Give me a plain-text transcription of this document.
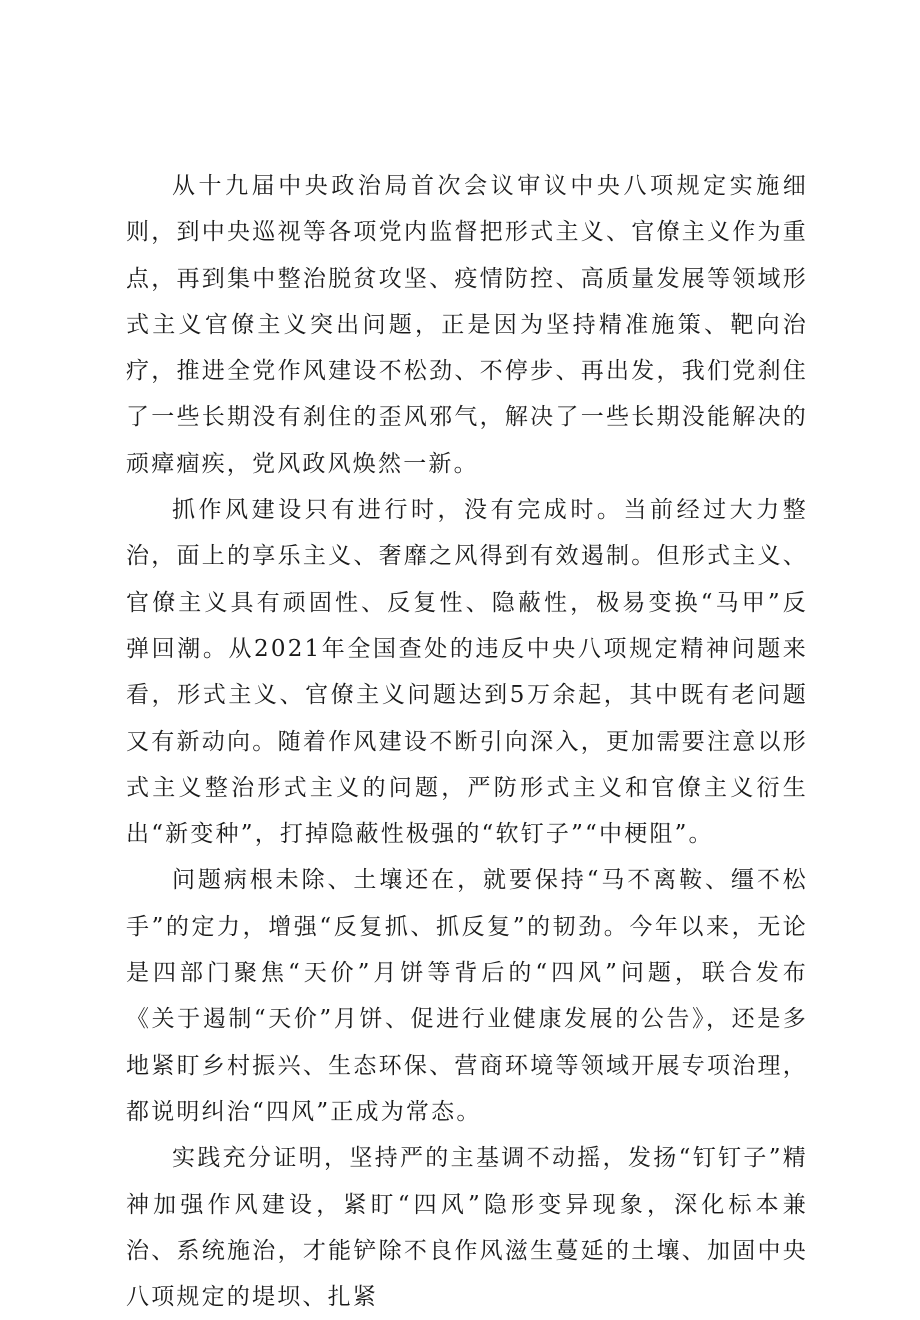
从十九届中央政治局首次会议审议中央八项规定实施细则，到中央巡视等各项党内监督把形式主义、官僚主义作为重点，再到集中整治脱贫攻坚、疫情防控、高质量发展等领域形式主义官僚主义突出问题，正是因为坚持精准施策、靶向治疗，推进全党作风建设不松劲、不停步、再出发，我们党刹住了一些长期没有刹住的歪风邪气，解决了一些长期没能解决的顽瘴痼疾，党风政风焕然一新。

抓作风建设只有进行时，没有完成时。当前经过大力整治，面上的享乐主义、奢靡之风得到有效遏制。但形式主义、官僚主义具有顽固性、反复性、隐蔽性，极易变换“马甲”反弹回潮。从2021年全国查处的违反中央八项规定精神问题来看，形式主义、官僚主义问题达到5万余起，其中既有老问题又有新动向。随着作风建设不断引向深入，更加需要注意以形式主义整治形式主义的问题，严防形式主义和官僚主义衍生出“新变种”，打掉隐蔽性极强的“软钉子”“中梗阻”。

问题病根未除、土壤还在，就要保持“马不离鞍、缰不松手”的定力，增强“反复抓、抓反复”的韧劲。今年以来，无论是四部门聚焦“天价”月饼等背后的“四风”问题，联合发布《关于遏制“天价”月饼、促进行业健康发展的公告》，还是多地紧盯乡村振兴、生态环保、营商环境等领域开展专项治理，都说明纠治“四风”正成为常态。

实践充分证明，坚持严的主基调不动摇，发扬“钉钉子”精神加强作风建设，紧盯“四风”隐形变异现象，深化标本兼治、系统施治，才能铲除不良作风滋生蔓延的土壤、加固中央八项规定的堤坝、扎紧
